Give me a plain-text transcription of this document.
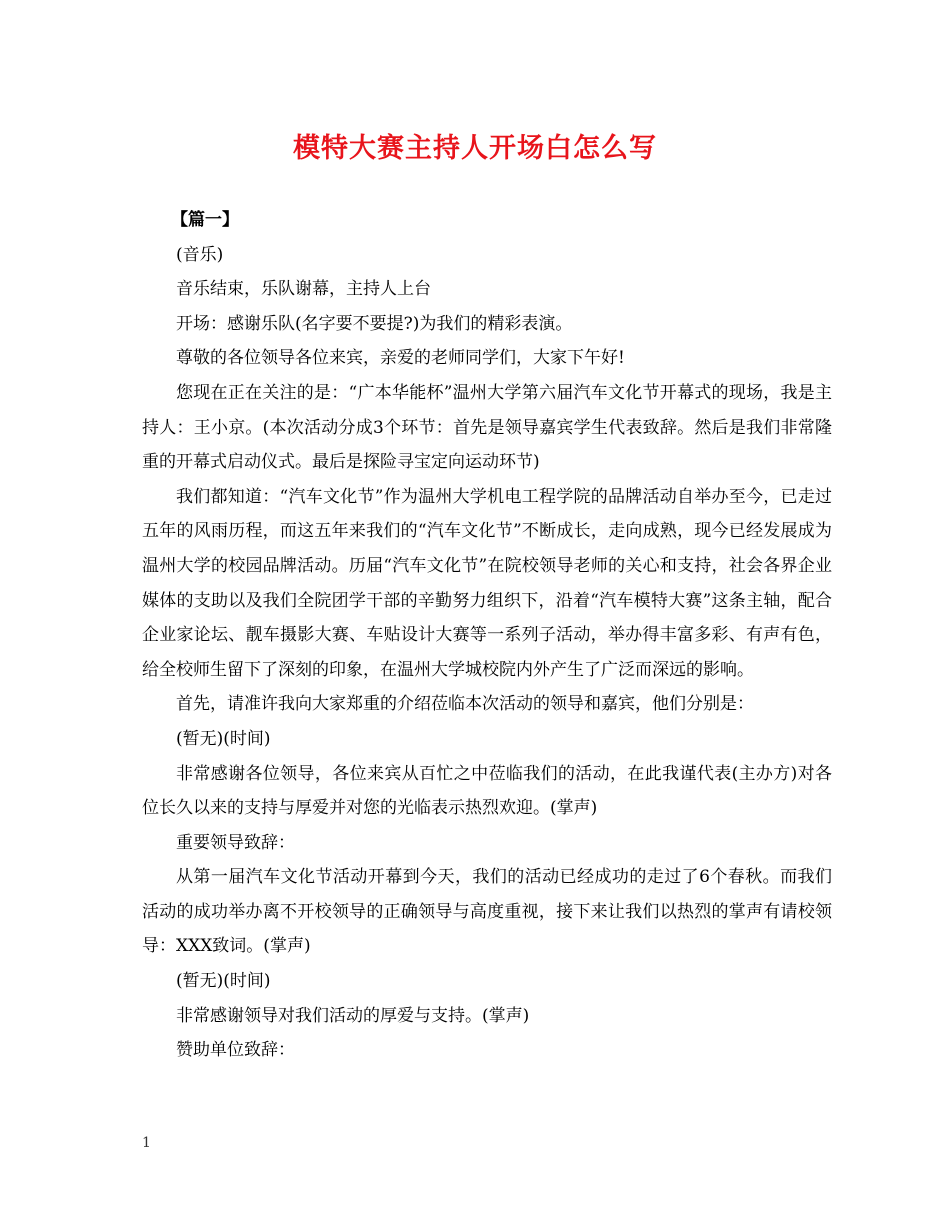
模特大赛主持人开场白怎么写

【篇一】

(音乐)

音乐结束，乐队谢幕，主持人上台

开场：感谢乐队(名字要不要提?)为我们的精彩表演。

尊敬的各位领导各位来宾，亲爱的老师同学们，大家下午好!

您现在正在关注的是：“广本华能杯”温州大学第六届汽车文化节开幕式的现场，我是主持人：王小京。(本次活动分成3个环节：首先是领导嘉宾学生代表致辞。然后是我们非常隆重的开幕式启动仪式。最后是探险寻宝定向运动环节)

我们都知道：“汽车文化节”作为温州大学机电工程学院的品牌活动自举办至今，已走过五年的风雨历程，而这五年来我们的“汽车文化节”不断成长，走向成熟，现今已经发展成为温州大学的校园品牌活动。历届“汽车文化节”在院校领导老师的关心和支持，社会各界企业媒体的支助以及我们全院团学干部的辛勤努力组织下，沿着“汽车模特大赛”这条主轴，配合企业家论坛、靓车摄影大赛、车贴设计大赛等一系列子活动，举办得丰富多彩、有声有色，给全校师生留下了深刻的印象，在温州大学城校院内外产生了广泛而深远的影响。

首先，请准许我向大家郑重的介绍莅临本次活动的领导和嘉宾，他们分别是：

(暂无)(时间)

非常感谢各位领导，各位来宾从百忙之中莅临我们的活动，在此我谨代表(主办方)对各位长久以来的支持与厚爱并对您的光临表示热烈欢迎。(掌声)

重要领导致辞：

从第一届汽车文化节活动开幕到今天，我们的活动已经成功的走过了6个春秋。而我们活动的成功举办离不开校领导的正确领导与高度重视，接下来让我们以热烈的掌声有请校领导：XXX致词。(掌声)

(暂无)(时间)

非常感谢领导对我们活动的厚爱与支持。(掌声)

赞助单位致辞：

1
